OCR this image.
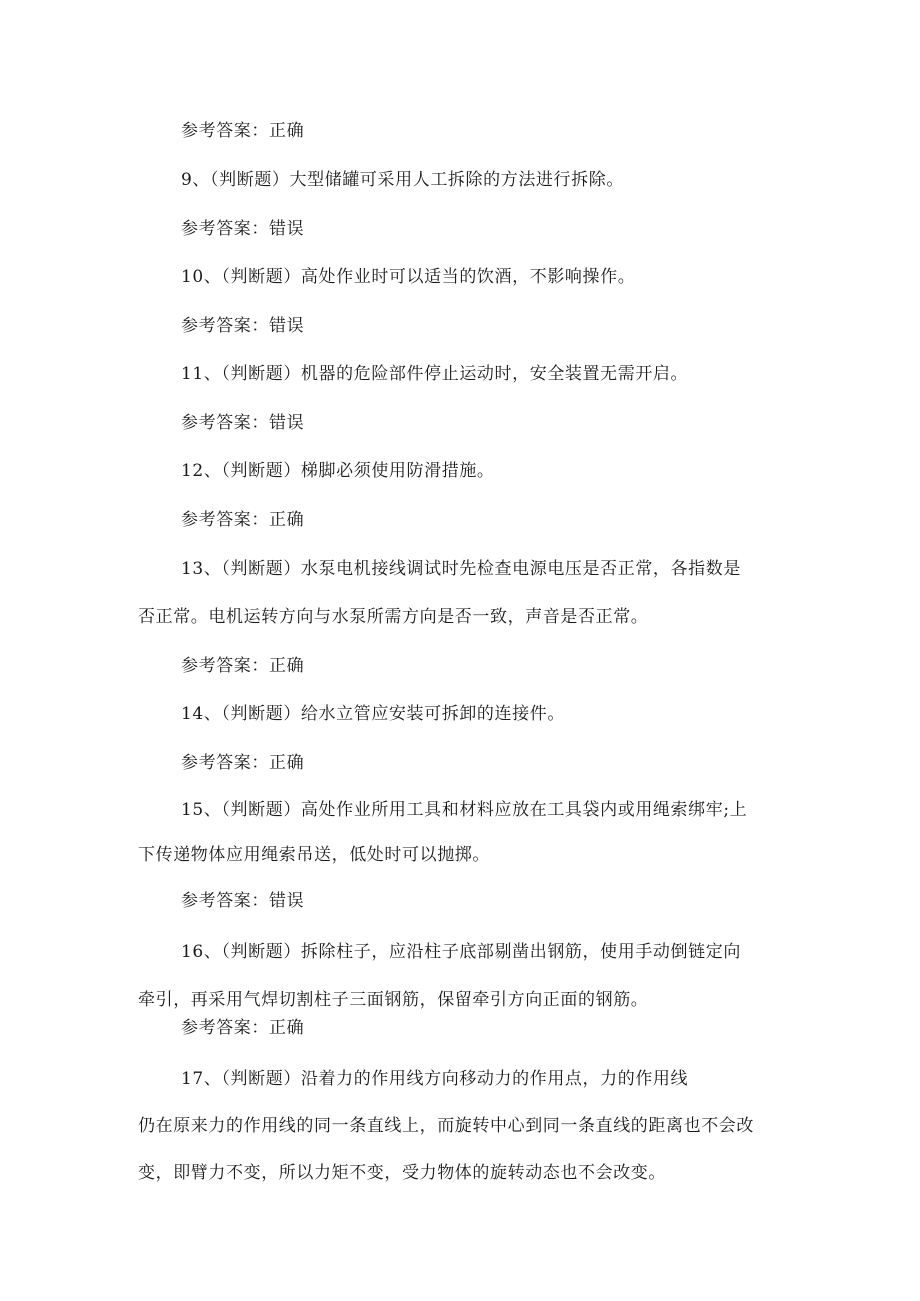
参考答案：正确
9、（判断题）大型储罐可采用人工拆除的方法进行拆除。
参考答案：错误
10、（判断题）高处作业时可以适当的饮酒，不影响操作。
参考答案：错误
11、（判断题）机器的危险部件停止运动时，安全装置无需开启。
参考答案：错误
12、（判断题）梯脚必须使用防滑措施。
参考答案：正确
13、（判断题）水泵电机接线调试时先检查电源电压是否正常，各指数是
否正常。电机运转方向与水泵所需方向是否一致，声音是否正常。
参考答案：正确
14、（判断题）给水立管应安装可拆卸的连接件。
参考答案：正确
15、（判断题）高处作业所用工具和材料应放在工具袋内或用绳索绑牢;上
下传递物体应用绳索吊送，低处时可以抛掷。
参考答案：错误
16、（判断题）拆除柱子，应沿柱子底部剔凿出钢筋，使用手动倒链定向
牵引，再采用气焊切割柱子三面钢筋，保留牵引方向正面的钢筋。
参考答案：正确
17、（判断题）沿着力的作用线方向移动力的作用点，力的作用线
仍在原来力的作用线的同一条直线上，而旋转中心到同一条直线的距离也不会改
变，即臂力不变，所以力矩不变，受力物体的旋转动态也不会改变。
